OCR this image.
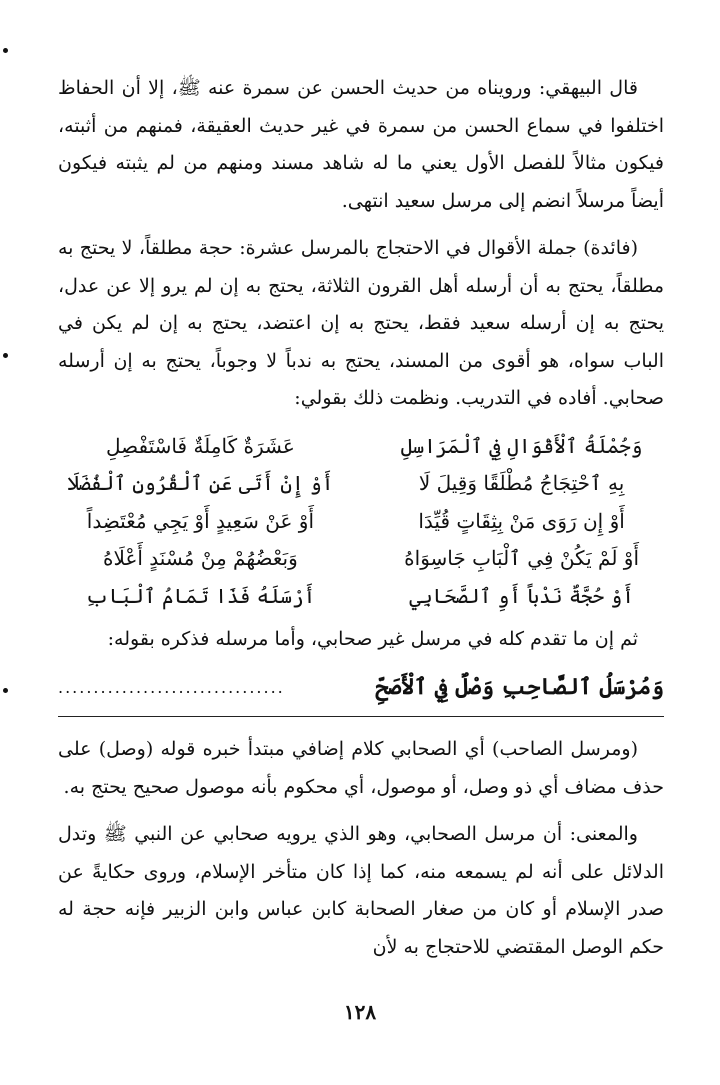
قال البيهقي: ورويناه من حديث الحسن عن سمرة عنه ﷺ، إلا أن الحفاظ اختلفوا في سماع الحسن من سمرة في غير حديث العقيقة، فمنهم من أثبته، فيكون مثالاً للفصل الأول يعني ما له شاهد مسند ومنهم من لم يثبته فيكون أيضاً مرسلاً انضم إلى مرسل سعيد انتهى.

(فائدة) جملة الأقوال في الاحتجاج بالمرسل عشرة: حجة مطلقاً، لا يحتج به مطلقاً، يحتج به أن أرسله أهل القرون الثلاثة، يحتج به إن لم يرو إلا عن عدل، يحتج به إن أرسله سعيد فقط، يحتج به إن اعتضد، يحتج به إن لم يكن في الباب سواه، هو أقوى من المسند، يحتج به ندباً لا وجوباً، يحتج به إن أرسله صحابي. أفاده في التدريب. ونظمت ذلك بقولي:

وَجُمْلَةُ ٱلْأَقْوَالِ فِي ٱلْمَرَاسِلِ
عَشَرَةٌ كَامِلَةٌ فَاسْتَفْصِلِ
بِهِ ٱحْتِجَاجُ مُطْلَقًا وَقِيلَ لَا
أَوْ إِنْ أَتَى عَنِ ٱلْقُرُونِ ٱلْفُضَلَا
أَوْ إِن رَوَى مَنْ بِثِقَاتٍ قُيِّدَا
أَوْ عَنْ سَعِيدٍ أَوْ يَجِي مُعْتَضِداً
أَوْ لَمْ يَكُنْ فِي ٱلْبَابِ جَاسِوَاهُ
وَبَعْضُهُمْ مِنْ مُسْنَدٍ أَعْلَاهُ
أَوْ حُجَّةٌ نَدْباً أَوِ ٱلصَّحَابِي
أَرْسَلَهُ فَذَا تَمَامُ ٱلْبَابِ

ثم إن ما تقدم كله في مرسل غير صحابي، وأما مرسله فذكره بقوله:

وَمُرْسَلُ ٱلصَّاحِبِ وَصْلٌ فِي ٱلْأَصَحِّ
................................

(ومرسل الصاحب) أي الصحابي كلام إضافي مبتدأ خبره قوله (وصل) على حذف مضاف أي ذو وصل، أو موصول، أي محكوم بأنه موصول صحيح يحتج به.

والمعنى: أن مرسل الصحابي، وهو الذي يرويه صحابي عن النبي ﷺ وتدل الدلائل على أنه لم يسمعه منه، كما إذا كان متأخر الإسلام، وروى حكايةً عن صدر الإسلام أو كان من صغار الصحابة كابن عباس وابن الزبير فإنه حجة له حكم الوصل المقتضي للاحتجاج به لأن

١٢٨
